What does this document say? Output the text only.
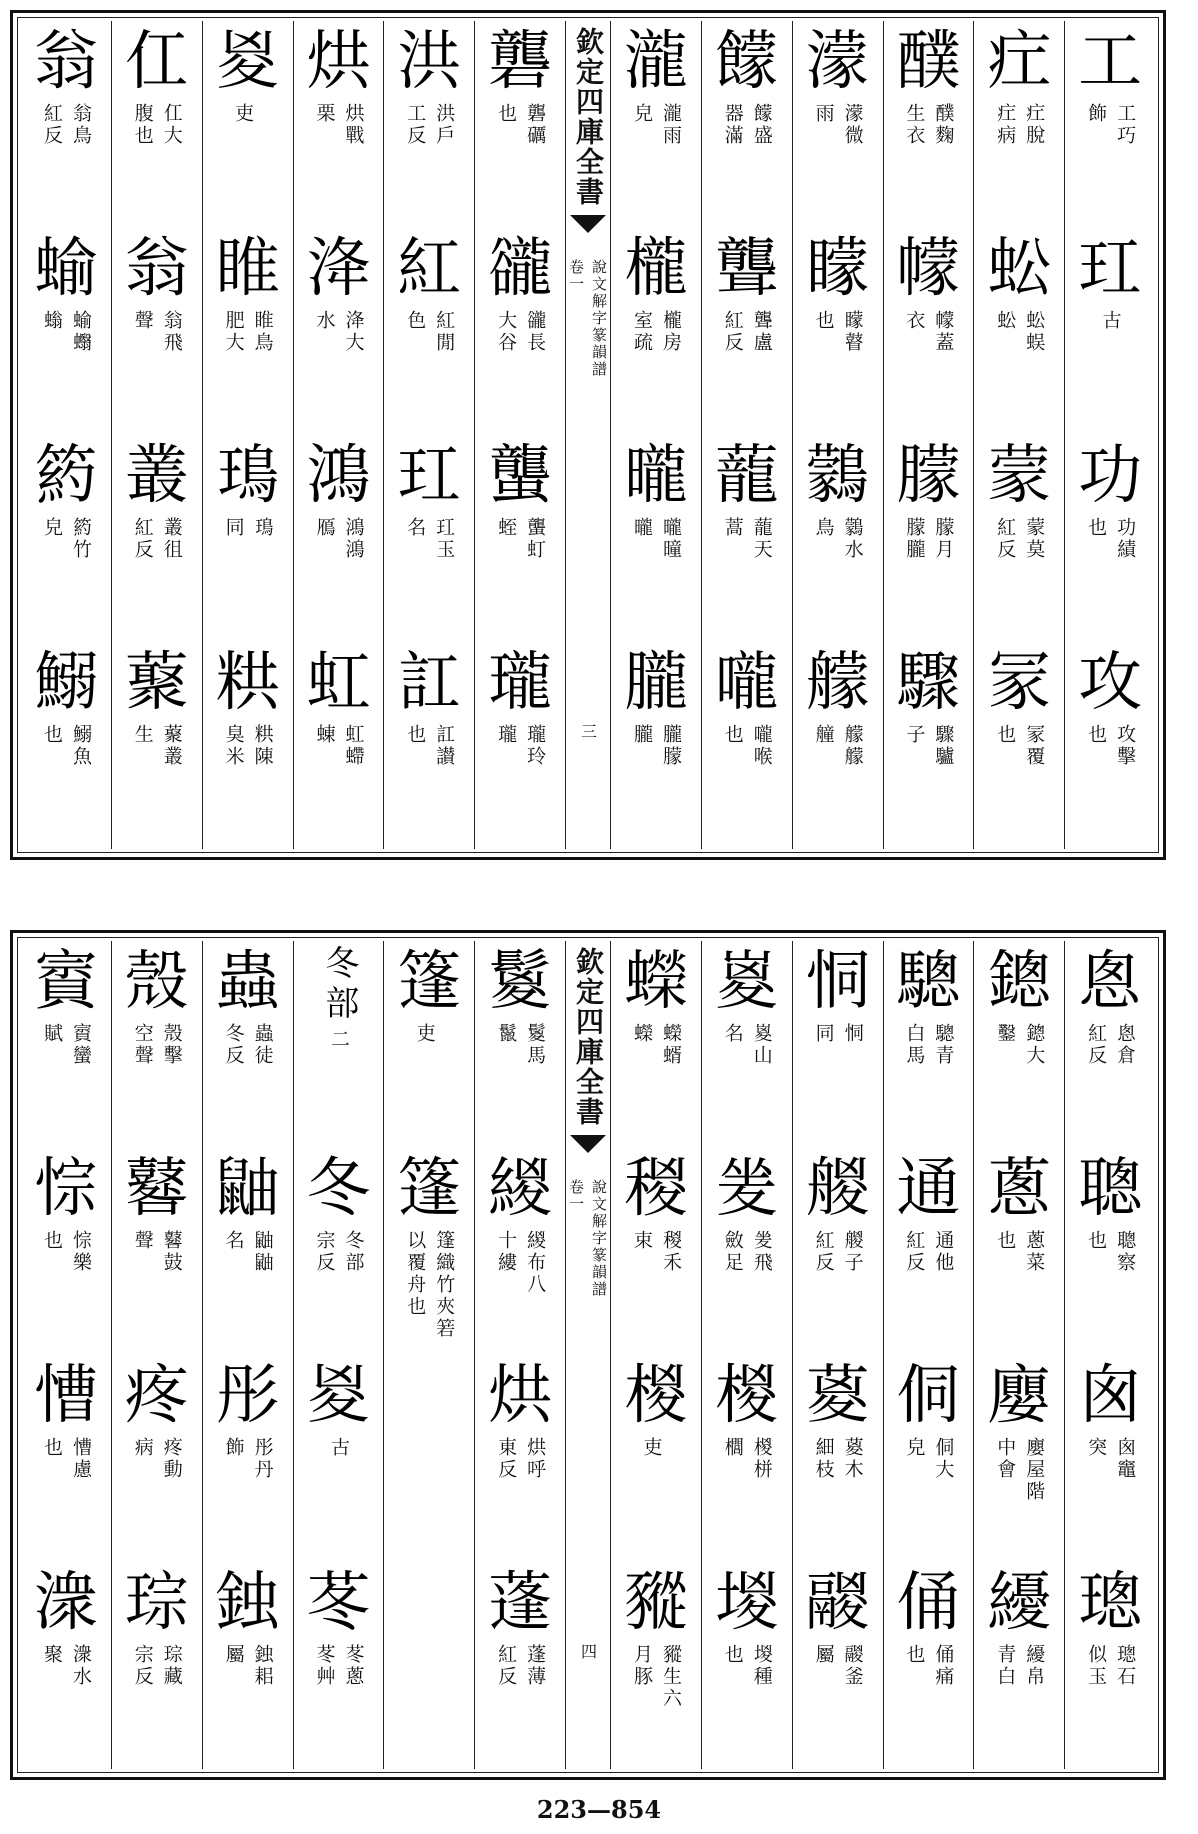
工
工巧
飾
玒
古
功
功績
也
攻
攻擊
也
疘
疘脫
疘病
蚣
蚣蜈
蚣
蒙
蒙莫
紅反
冡
冡覆
也
醭
醭麴
生衣
幪
幪蓋
衣
朦
朦月
朦朧
驟
驟驢
子
濛
濛微
雨
矇
矇瞽
也
鸏
鸏水
鳥
艨
艨艨
艟
饛
饛盛
器滿
聾
聾盧
紅反
蘢
蘢天
蒿
嚨
嚨喉
也
瀧
瀧雨
皃
櫳
櫳房
室疏
曨
曨曈
曨
朧
朧朦
朧
欽定四庫全書
說文解字篆韻譜
卷一
三
礱
礱礪
也
豅
豅長
大谷
蠪
蠪虰
蛭
瓏
瓏玲
瓏
洪
洪戶
工反
紅
紅閒
色
玒
玒玉
名
訌
訌讃
也
烘
烘戰
栗
洚
洚大
水
鴻
鴻鴻
鴈
虹
虹螮
蝀
㚇
吏
睢
睢鳥
肥大
鳿
鳿
同
粠
粠陳
臭米
仜
仜大
腹也
翁
翁飛
聲
叢
叢徂
紅反
藂
藂叢
生
翁
翁鳥
紅反
蝓
蝓蠮
螉
箹
箹竹
皃
鰯
鰯魚
也
悤
悤倉
紅反
聰
聰察
也
囪
囪竈
突
璁
璁石
似玉
鏓
鏓大
鑿
蔥
蔥菜
也
廮
廮屋階
中會
纋
纋帛
青白
驄
驄青
白馬
通
通他
紅反
侗
侗大
皃
俑
俑痛
也
恫
恫
同
艐
艐子
紅反
葼
葼木
細枝
鬷
鬷釜
屬
嵏
嵏山
名
夎
夎飛
斂足
椶
椶栟
櫚
堫
堫種
也
蠑
蠑蝑
蠑
稯
稯禾
束
椶
吏
豵
豵生六
月豚
欽定四庫全書
說文解字篆韻譜
卷一
四
鬉
鬉馬
鬣
緵
緵布八
十縷
烘
烘呼
東反
蓬
蓬薄
紅反
篷
吏
篷
篷織竹夾箬
以覆舟也
冬部
二
冬
冬部
宗反
㚇
古
苳
苳蔥
苳艸
蟲
蟲徒
冬反
鼬
鼬鼬
名
彤
彤丹
飾
鉵
鉵耜
屬
殼
殼擊
空聲
鼛
鼛鼓
聲
疼
疼動
病
琮
琮藏
宗反
賨
賨蠻
賦
悰
悰樂
也
慒
慒慮
也
潨
潨水
聚
223—854
